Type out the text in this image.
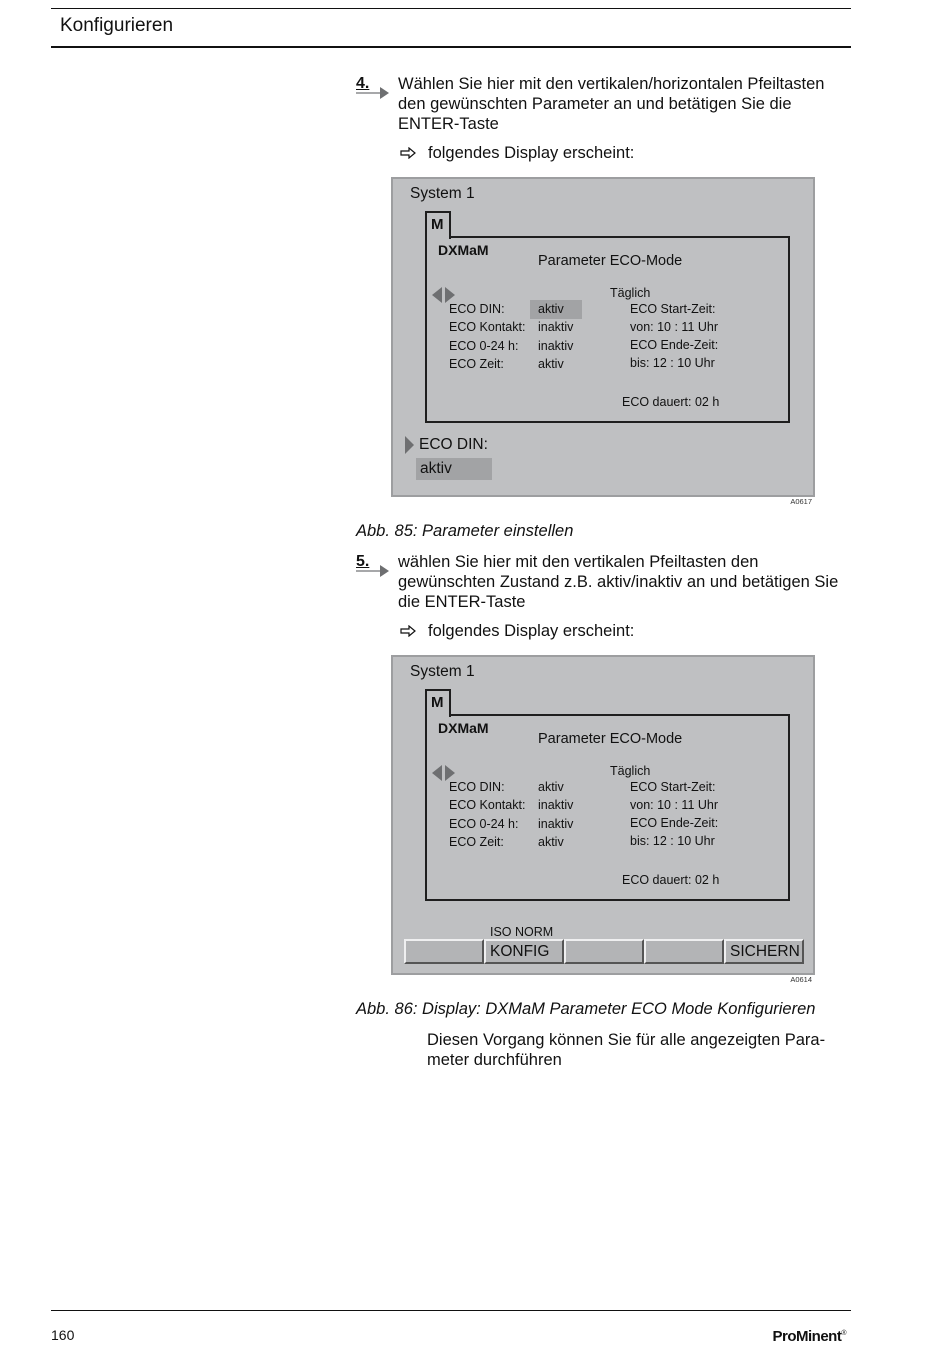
Konfigurieren
4. Wählen Sie hier mit den vertikalen/horizontalen Pfeiltasten
den gewünschten Parameter an und betätigen Sie die
ENTER-Taste
folgendes Display erscheint:
System 1
M
DXMaM
Parameter ECO-Mode
Täglich
ECO DIN:	aktiv
ECO Kontakt: inaktiv
ECO 0-24 h: inaktiv
ECO Zeit:	aktiv
ECO Start-Zeit:
von: 10 : 11 Uhr
ECO Ende-Zeit:
bis: 12 : 10 Uhr
ECO dauert: 02 h
ECO DIN:
aktiv
A0617
Abb. 85: Parameter einstellen
5. wählen Sie hier mit den vertikalen Pfeiltasten den
gewünschten Zustand z.B. aktiv/inaktiv an und betätigen Sie
die ENTER-Taste
folgendes Display erscheint:
System 1
M
DXMaM
Parameter ECO-Mode
Täglich
ECO DIN:	aktiv
ECO Kontakt: inaktiv
ECO 0-24 h: inaktiv
ECO Zeit:	aktiv
ECO Start-Zeit:
von: 10 : 11 Uhr
ECO Ende-Zeit:
bis: 12 : 10 Uhr
ECO dauert: 02 h
ISO NORM
KONFIG	SICHERN
A0614
Abb. 86: Display: DXMaM Parameter ECO Mode Konfigurieren
Diesen Vorgang können Sie für alle angezeigten Para-
meter durchführen
160	ProMinent®
